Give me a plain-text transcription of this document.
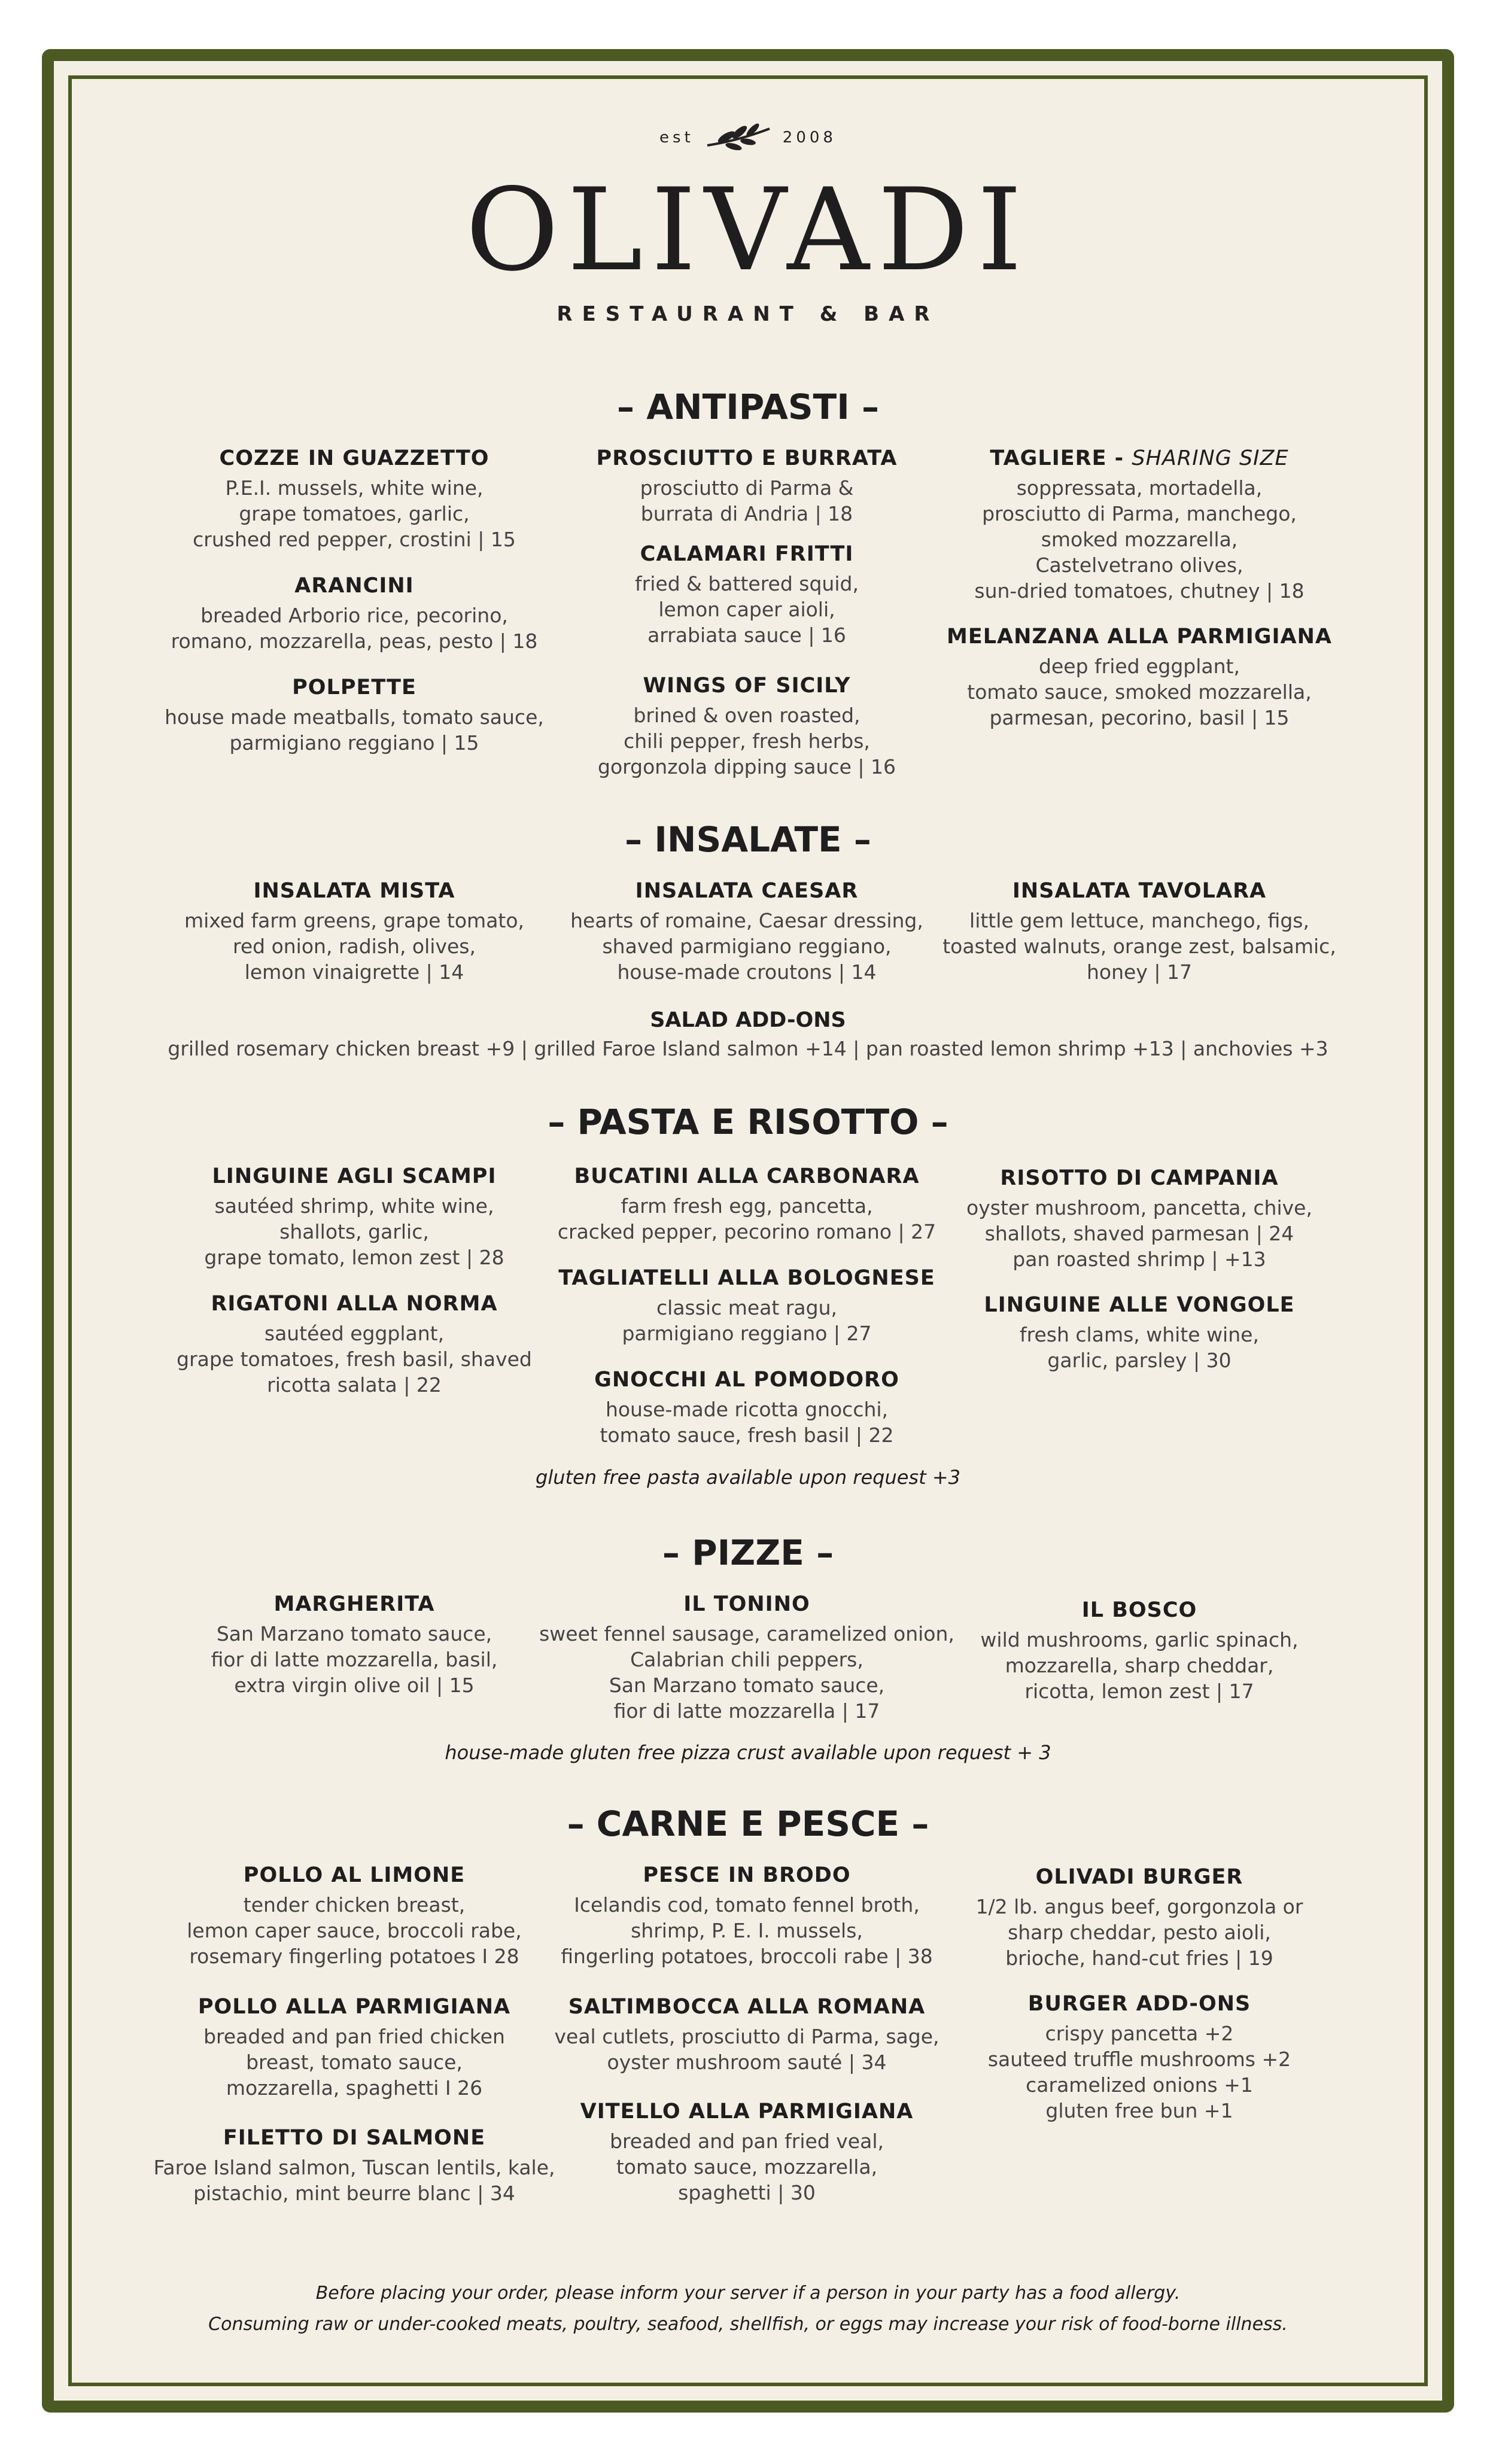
est	2008
OLIVADI
RESTAURANT & BAR
– ANTIPASTI –
COZZE IN GUAZZETTO
P.E.I. mussels, white wine,
grape tomatoes, garlic,
crushed red pepper, crostini | 15
ARANCINI
breaded Arborio rice, pecorino,
romano, mozzarella, peas, pesto | 18
POLPETTE
house made meatballs, tomato sauce,
parmigiano reggiano | 15
PROSCIUTTO E BURRATA
prosciutto di Parma &
burrata di Andria | 18
CALAMARI FRITTI
fried & battered squid,
lemon caper aioli,
arrabiata sauce | 16
WINGS OF SICILY
brined & oven roasted,
chili pepper, fresh herbs,
gorgonzola dipping sauce | 16
TAGLIERE - SHARING SIZE
soppressata, mortadella,
prosciutto di Parma, manchego,
smoked mozzarella,
Castelvetrano olives,
sun-dried tomatoes, chutney | 18
MELANZANA ALLA PARMIGIANA
deep fried eggplant,
tomato sauce, smoked mozzarella,
parmesan, pecorino, basil | 15
– INSALATE –
INSALATA MISTA
mixed farm greens, grape tomato,
red onion, radish, olives,
lemon vinaigrette | 14
INSALATA CAESAR
hearts of romaine, Caesar dressing,
shaved parmigiano reggiano,
house-made croutons | 14
INSALATA TAVOLARA
little gem lettuce, manchego, figs,
toasted walnuts, orange zest, balsamic,
honey | 17
SALAD ADD-ONS
grilled rosemary chicken breast +9 | grilled Faroe Island salmon +14 | pan roasted lemon shrimp +13 | anchovies +3
– PASTA E RISOTTO –
LINGUINE AGLI SCAMPI
sautéed shrimp, white wine,
shallots, garlic,
grape tomato, lemon zest | 28
RIGATONI ALLA NORMA
sautéed eggplant,
grape tomatoes, fresh basil, shaved
ricotta salata | 22
BUCATINI ALLA CARBONARA
farm fresh egg, pancetta,
cracked pepper, pecorino romano | 27
TAGLIATELLI ALLA BOLOGNESE
classic meat ragu,
parmigiano reggiano | 27
GNOCCHI AL POMODORO
house-made ricotta gnocchi,
tomato sauce, fresh basil | 22
RISOTTO DI CAMPANIA
oyster mushroom, pancetta, chive,
shallots, shaved parmesan | 24
pan roasted shrimp | +13
LINGUINE ALLE VONGOLE
fresh clams, white wine,
garlic, parsley | 30
gluten free pasta available upon request +3
– PIZZE –
MARGHERITA
San Marzano tomato sauce,
fior di latte mozzarella, basil,
extra virgin olive oil | 15
IL TONINO
sweet fennel sausage, caramelized onion,
Calabrian chili peppers,
San Marzano tomato sauce,
fior di latte mozzarella | 17
IL BOSCO
wild mushrooms, garlic spinach,
mozzarella, sharp cheddar,
ricotta, lemon zest | 17
house-made gluten free pizza crust available upon request + 3
– CARNE E PESCE –
POLLO AL LIMONE
tender chicken breast,
lemon caper sauce, broccoli rabe,
rosemary fingerling potatoes I 28
POLLO ALLA PARMIGIANA
breaded and pan fried chicken
breast, tomato sauce,
mozzarella, spaghetti I 26
FILETTO DI SALMONE
Faroe Island salmon, Tuscan lentils, kale,
pistachio, mint beurre blanc | 34
PESCE IN BRODO
Icelandis cod, tomato fennel broth,
shrimp, P. E. I. mussels,
fingerling potatoes, broccoli rabe | 38
SALTIMBOCCA ALLA ROMANA
veal cutlets, prosciutto di Parma, sage,
oyster mushroom sauté | 34
VITELLO ALLA PARMIGIANA
breaded and pan fried veal,
tomato sauce, mozzarella,
spaghetti | 30
OLIVADI BURGER
1/2 lb. angus beef, gorgonzola or
sharp cheddar, pesto aioli,
brioche, hand-cut fries | 19
BURGER ADD-ONS
crispy pancetta +2
sauteed truffle mushrooms +2
caramelized onions +1
gluten free bun +1
Before placing your order, please inform your server if a person in your party has a food allergy.
Consuming raw or under-cooked meats, poultry, seafood, shellfish, or eggs may increase your risk of food-borne illness.
